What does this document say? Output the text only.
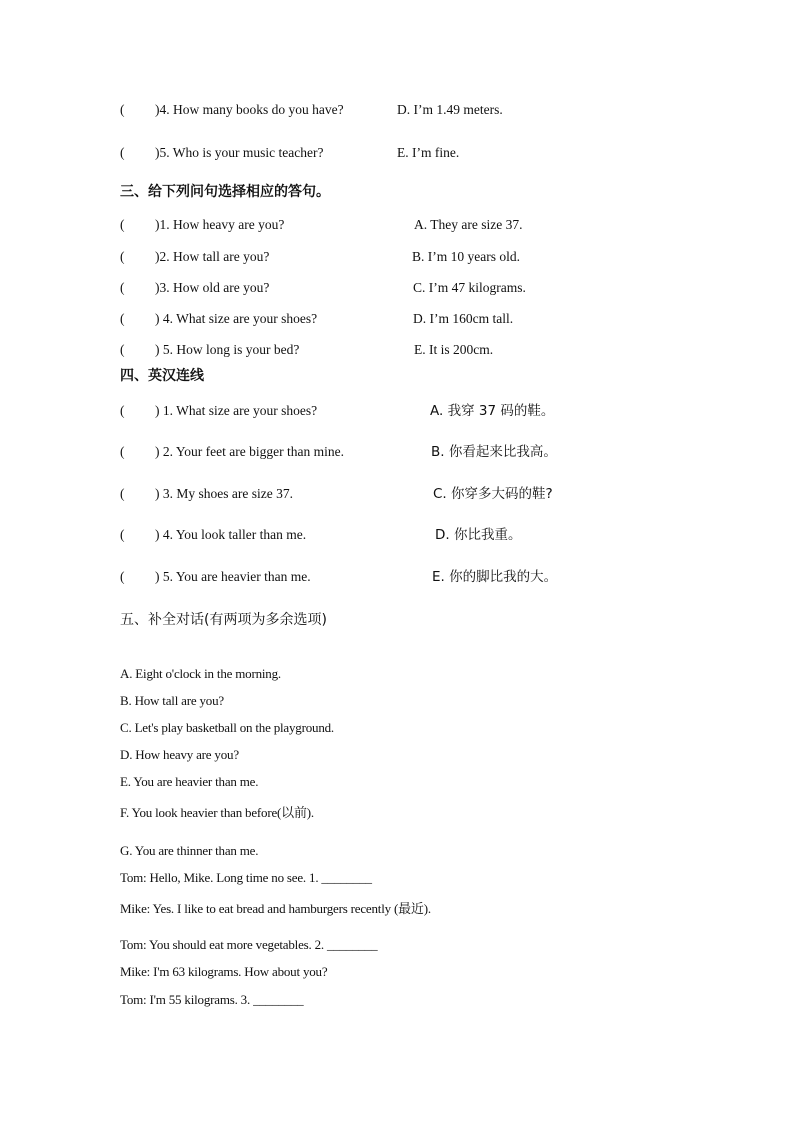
( )4. How many books do you have?	D. I’m 1.49 meters.
( )5. Who is your music teacher?	E. I’m fine.
三、给下列问句选择相应的答句。
( )1. How heavy are you?	A. They are size 37.
( )2. How tall are you?	B. I’m 10 years old.
( )3. How old are you?	C. I’m 47 kilograms.
( ) 4. What size are your shoes?	D. I’m 160cm tall.
( ) 5. How long is your bed?	E. It is 200cm.
四、英汉连线
( ) 1. What size are your shoes?	A. 我穿 37 码的鞋。
( ) 2. Your feet are bigger than mine.	B. 你看起来比我高。
( ) 3. My shoes are size 37.	C. 你穿多大码的鞋?
( ) 4. You look taller than me.	D. 你比我重。
( ) 5. You are heavier than me.	E. 你的脚比我的大。
五、补全对话(有两项为多余选项)
A. Eight o'clock in the morning.
B. How tall are you?
C. Let's play basketball on the playground.
D. How heavy are you?
E. You are heavier than me.
F. You look heavier than before(以前).
G. You are thinner than me.
Tom: Hello, Mike. Long time no see. 1. ________
Mike: Yes. I like to eat bread and hamburgers recently (最近).
Tom: You should eat more vegetables. 2. ________
Mike: I'm 63 kilograms. How about you?
Tom: I'm 55 kilograms. 3. ________
